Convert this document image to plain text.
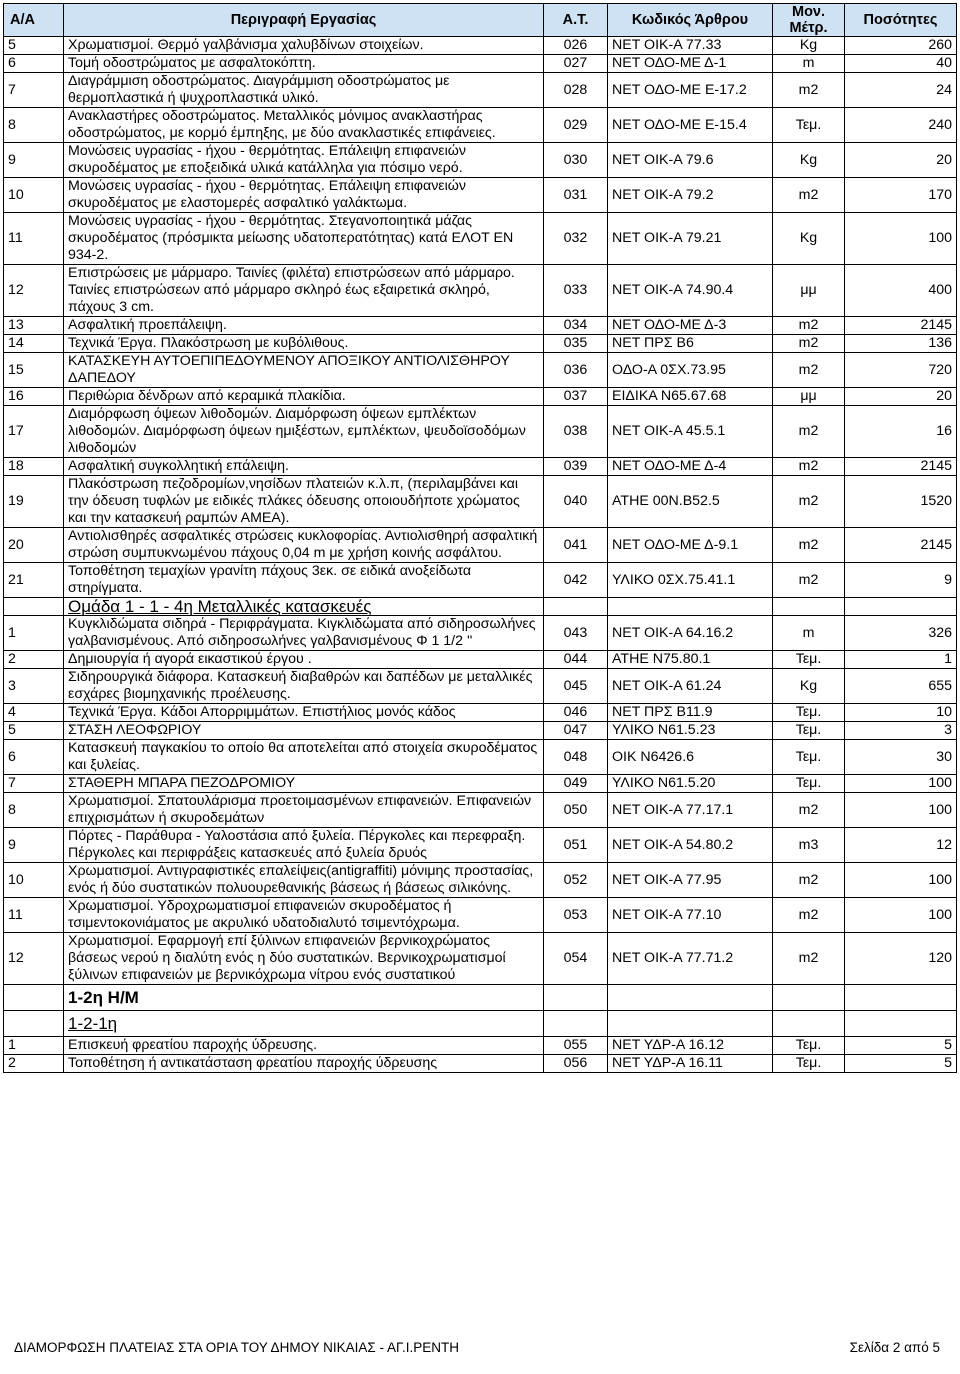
Α/Α	Περιγραφή Εργασίας	Α.Τ.	Κωδικός Άρθρου	Μον. Μέτρ.	Ποσότητες
5	Χρωματισμοί. Θερμό γαλβάνισμα χαλυβδίνων στοιχείων.	026	ΝΕΤ ΟΙΚ-Α 77.33	Kg	260
6	Τομή οδοστρώματος με ασφαλτοκόπτη.	027	ΝΕΤ ΟΔΟ-ΜΕ Δ-1	m	40
7	Διαγράμμιση οδοστρώματος. Διαγράμμιση οδοστρώματος με θερμοπλαστικά ή ψυχροπλαστικά υλικό.	028	ΝΕΤ ΟΔΟ-ΜΕ Ε-17.2	m2	24
8	Ανακλαστήρες οδοστρώματος. Μεταλλικός μόνιμος ανακλαστήρας οδοστρώματος, με κορμό έμπηξης, με δύο ανακλαστικές επιφάνειες.	029	ΝΕΤ ΟΔΟ-ΜΕ Ε-15.4	Τεμ.	240
9	Μονώσεις υγρασίας - ήχου - θερμότητας. Επάλειψη επιφανειών σκυροδέματος με εποξειδικά υλικά κατάλληλα για πόσιμο νερό.	030	ΝΕΤ ΟΙΚ-Α 79.6	Kg	20
10	Μονώσεις υγρασίας - ήχου - θερμότητας. Επάλειψη επιφανειών σκυροδέματος με ελαστομερές ασφαλτικό γαλάκτωμα.	031	ΝΕΤ ΟΙΚ-Α 79.2	m2	170
11	Μονώσεις υγρασίας - ήχου - θερμότητας. Στεγανοποιητικά μάζας σκυροδέματος (πρόσμικτα μείωσης υδατοπερατότητας) κατά ΕΛΟΤ ΕΝ 934-2.	032	ΝΕΤ ΟΙΚ-Α 79.21	Kg	100
12	Επιστρώσεις με μάρμαρο. Ταινίες (φιλέτα) επιστρώσεων από μάρμαρο. Ταινίες επιστρώσεων από μάρμαρο σκληρό έως εξαιρετικά σκληρό, πάχους 3 cm.	033	ΝΕΤ ΟΙΚ-Α 74.90.4	μμ	400
13	Ασφαλτική προεπάλειψη.	034	ΝΕΤ ΟΔΟ-ΜΕ Δ-3	m2	2145
14	Τεχνικά Έργα. Πλακόστρωση με κυβόλιθους.	035	ΝΕΤ ΠΡΣ Β6	m2	136
15	ΚΑΤΑΣΚΕΥΗ ΑΥΤΟΕΠΙΠΕΔΟΥΜΕΝΟΥ ΑΠΟΞΙΚΟΥ ΑΝΤΙΟΛΙΣΘΗΡΟΥ ΔΑΠΕΔΟΥ	036	ΟΔΟ-Α 0ΣΧ.73.95	m2	720
16	Περιθώρια δένδρων από κεραμικά πλακίδια.	037	ΕΙΔΙΚΑ Ν65.67.68	μμ	20
17	Διαμόρφωση όψεων λιθοδομών. Διαμόρφωση όψεων εμπλέκτων λιθοδομών. Διαμόρφωση όψεων ημιξέστων, εμπλέκτων, ψευδοϊσοδόμων λιθοδομών	038	ΝΕΤ ΟΙΚ-Α 45.5.1	m2	16
18	Ασφαλτική συγκολλητική επάλειψη.	039	ΝΕΤ ΟΔΟ-ΜΕ Δ-4	m2	2145
19	Πλακόστρωση πεζοδρομίων,νησίδων πλατειών κ.λ.π, (περιλαμβάνει και την όδευση τυφλών με ειδικές πλάκες όδευσης οποιουδήποτε χρώματος και την κατασκευή ραμπών ΑΜΕΑ).	040	ΑΤΗΕ 00Ν.Β52.5	m2	1520
20	Αντιολισθηρές ασφαλτικές στρώσεις κυκλοφορίας. Αντιολισθηρή ασφαλτική στρώση συμπυκνωμένου πάχους 0,04 m με χρήση κοινής ασφάλτου.	041	ΝΕΤ ΟΔΟ-ΜΕ Δ-9.1	m2	2145
21	Τοποθέτηση τεμαχίων γρανίτη πάχους 3εκ. σε ειδικά ανοξείδωτα στηρίγματα.	042	ΥΛΙΚΟ 0ΣΧ.75.41.1	m2	9
	Ομάδα 1 - 1 - 4η Μεταλλικές κατασκευές				
1	Κυγκλιδώματα σιδηρά - Περιφράγματα. Κιγκλιδώματα από σιδηροσωλήνες γαλβανισμένους. Από σιδηροσωλήνες γαλβανισμένους Φ 1 1/2 ''	043	ΝΕΤ ΟΙΚ-Α 64.16.2	m	326
2	Δημιουργία ή αγορά εικαστικού έργου .	044	ΑΤΗΕ Ν75.80.1	Τεμ.	1
3	Σιδηρουργικά διάφορα. Κατασκευή διαβαθρών και δαπέδων με μεταλλικές εσχάρες βιομηχανικής προέλευσης.	045	ΝΕΤ ΟΙΚ-Α 61.24	Kg	655
4	Τεχνικά Έργα. Κάδοι Απορριμμάτων. Επιστήλιος μονός κάδος	046	ΝΕΤ ΠΡΣ Β11.9	Τεμ.	10
5	ΣΤΑΣΗ ΛΕΟΦΩΡΙΟΥ	047	ΥΛΙΚΟ Ν61.5.23	Τεμ.	3
6	Κατασκευή παγκακίου το οποίο θα αποτελείται από στοιχεία σκυροδέματος και ξυλείας.	048	ΟΙΚ Ν6426.6	Τεμ.	30
7	ΣΤΑΘΕΡΗ ΜΠΑΡΑ ΠΕΖΟΔΡΟΜΙΟΥ	049	ΥΛΙΚΟ Ν61.5.20	Τεμ.	100
8	Χρωματισμοί. Σπατουλάρισμα προετοιμασμένων επιφανειών. Επιφανειών επιχρισμάτων ή σκυροδεμάτων	050	ΝΕΤ ΟΙΚ-Α 77.17.1	m2	100
9	Πόρτες - Παράθυρα - Υαλοστάσια από ξυλεία. Πέργκολες και περεφραξη. Πέργκολες και περιφράξεις κατασκευές από ξυλεία δρυός	051	ΝΕΤ ΟΙΚ-Α 54.80.2	m3	12
10	Χρωματισμοί. Αντιγραφιστικές επαλείψεις(antigraffiti) μόνιμης προστασίας, ενός ή δύο συστατικών πολυουρεθανικής βάσεως ή βάσεως σιλικόνης.	052	ΝΕΤ ΟΙΚ-Α 77.95	m2	100
11	Χρωματισμοί. Υδροχρωματισμοί επιφανειών σκυροδέματος ή τσιμεντοκονιάματος με ακρυλικό υδατοδιαλυτό τσιμεντόχρωμα.	053	ΝΕΤ ΟΙΚ-Α 77.10	m2	100
12	Χρωματισμοί. Εφαρμογή επί ξύλινων επιφανειών βερνικοχρώματος βάσεως νερού η διαλύτη ενός η δύο συστατικών. Βερνικοχρωματισμοί ξύλινων επιφανειών με βερνικόχρωμα νίτρου ενός συστατικού	054	ΝΕΤ ΟΙΚ-Α 77.71.2	m2	120
	1-2η Η/Μ				
	1-2-1η				
1	Επισκευή φρεατίου παροχής ύδρευσης.	055	ΝΕΤ ΥΔΡ-Α 16.12	Τεμ.	5
2	Τοποθέτηση ή αντικατάσταση φρεατίου παροχής ύδρευσης	056	ΝΕΤ ΥΔΡ-Α 16.11	Τεμ.	5
ΔΙΑΜΟΡΦΩΣΗ ΠΛΑΤΕΙΑΣ ΣΤΑ ΟΡΙΑ ΤΟΥ ΔΗΜΟΥ ΝΙΚΑΙΑΣ - ΑΓ.Ι.ΡΕΝΤΗ	Σελίδα 2 από 5
